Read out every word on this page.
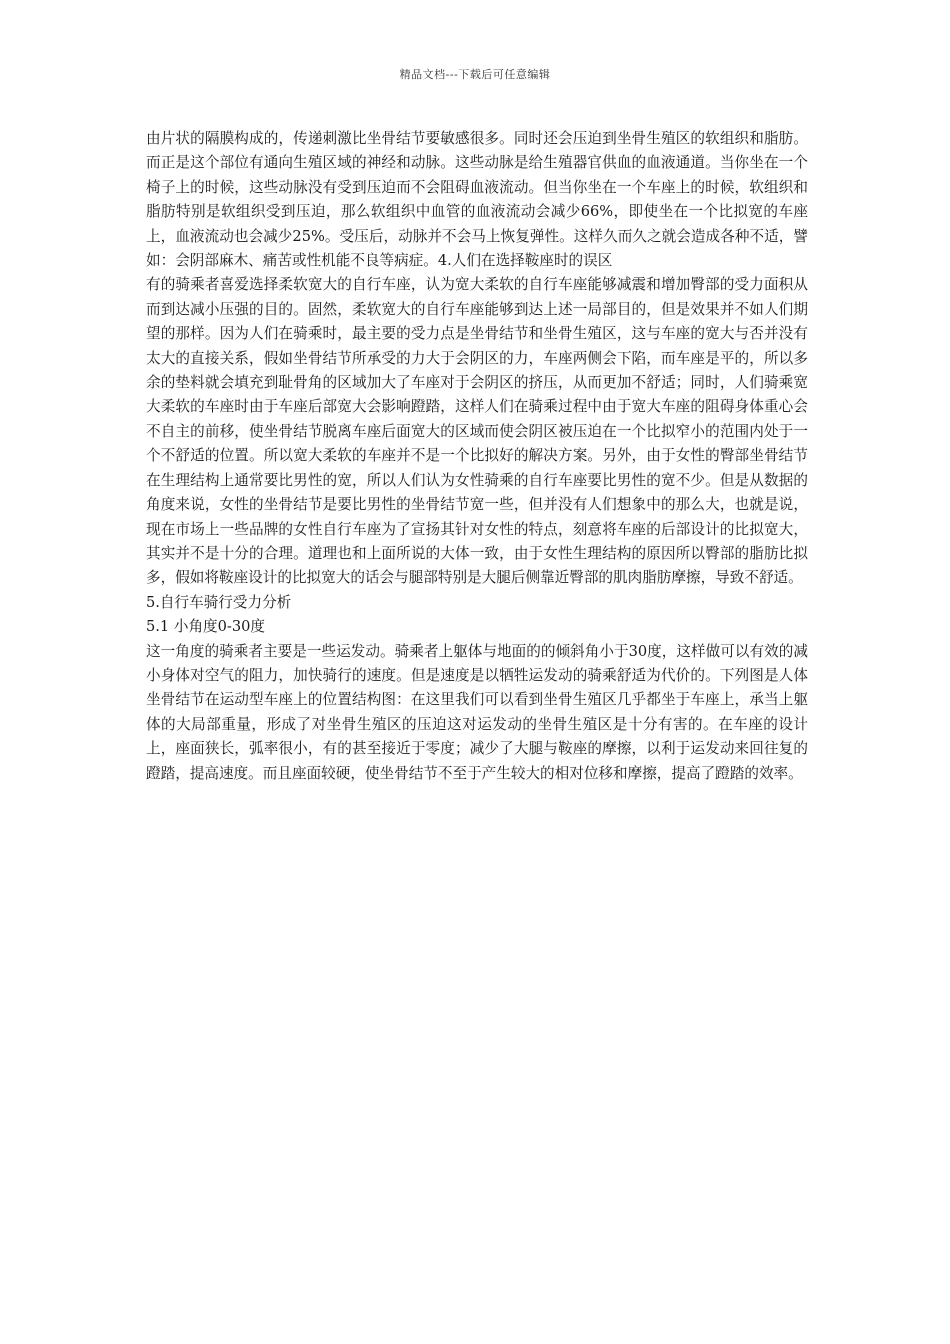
精品文档---下载后可任意编辑

由片状的隔膜构成的，传递刺激比坐骨结节要敏感很多。同时还会压迫到坐骨生殖区的软组织和脂肪。而正是这个部位有通向生殖区域的神经和动脉。这些动脉是给生殖器官供血的血液通道。当你坐在一个椅子上的时候，这些动脉没有受到压迫而不会阻碍血液流动。但当你坐在一个车座上的时候，软组织和脂肪特别是软组织受到压迫，那么软组织中血管的血液流动会减少66%，即使坐在一个比拟宽的车座上，血液流动也会减少25%。受压后，动脉并不会马上恢复弹性。这样久而久之就会造成各种不适，譬如：会阴部麻木、痛苦或性机能不良等病症。4.人们在选择鞍座时的误区

有的骑乘者喜爱选择柔软宽大的自行车座，认为宽大柔软的自行车座能够减震和增加臀部的受力面积从而到达减小压强的目的。固然，柔软宽大的自行车座能够到达上述一局部目的，但是效果并不如人们期望的那样。因为人们在骑乘时，最主要的受力点是坐骨结节和坐骨生殖区，这与车座的宽大与否并没有太大的直接关系，假如坐骨结节所承受的力大于会阴区的力，车座两侧会下陷，而车座是平的，所以多余的垫料就会填充到耻骨角的区域加大了车座对于会阴区的挤压，从而更加不舒适；同时，人们骑乘宽大柔软的车座时由于车座后部宽大会影响蹬踏，这样人们在骑乘过程中由于宽大车座的阻碍身体重心会不自主的前移，使坐骨结节脱离车座后面宽大的区域而使会阴区被压迫在一个比拟窄小的范围内处于一个不舒适的位置。所以宽大柔软的车座并不是一个比拟好的解决方案。另外，由于女性的臀部坐骨结节在生理结构上通常要比男性的宽，所以人们认为女性骑乘的自行车座要比男性的宽不少。但是从数据的角度来说，女性的坐骨结节是要比男性的坐骨结节宽一些，但并没有人们想象中的那么大，也就是说，现在市场上一些品牌的女性自行车座为了宣扬其针对女性的特点，刻意将车座的后部设计的比拟宽大，其实并不是十分的合理。道理也和上面所说的大体一致，由于女性生理结构的原因所以臀部的脂肪比拟多，假如将鞍座设计的比拟宽大的话会与腿部特别是大腿后侧靠近臀部的肌肉脂肪摩擦，导致不舒适。

5.自行车骑行受力分析

5.1 小角度0-30度

这一角度的骑乘者主要是一些运发动。骑乘者上躯体与地面的的倾斜角小于30度，这样做可以有效的减小身体对空气的阻力，加快骑行的速度。但是速度是以牺牲运发动的骑乘舒适为代价的。下列图是人体坐骨结节在运动型车座上的位置结构图：在这里我们可以看到坐骨生殖区几乎都坐于车座上，承当上躯体的大局部重量，形成了对坐骨生殖区的压迫这对运发动的坐骨生殖区是十分有害的。在车座的设计上，座面狭长，弧率很小，有的甚至接近于零度；减少了大腿与鞍座的摩擦，以利于运发动来回往复的蹬踏，提高速度。而且座面较硬，使坐骨结节不至于产生较大的相对位移和摩擦，提高了蹬踏的效率。
